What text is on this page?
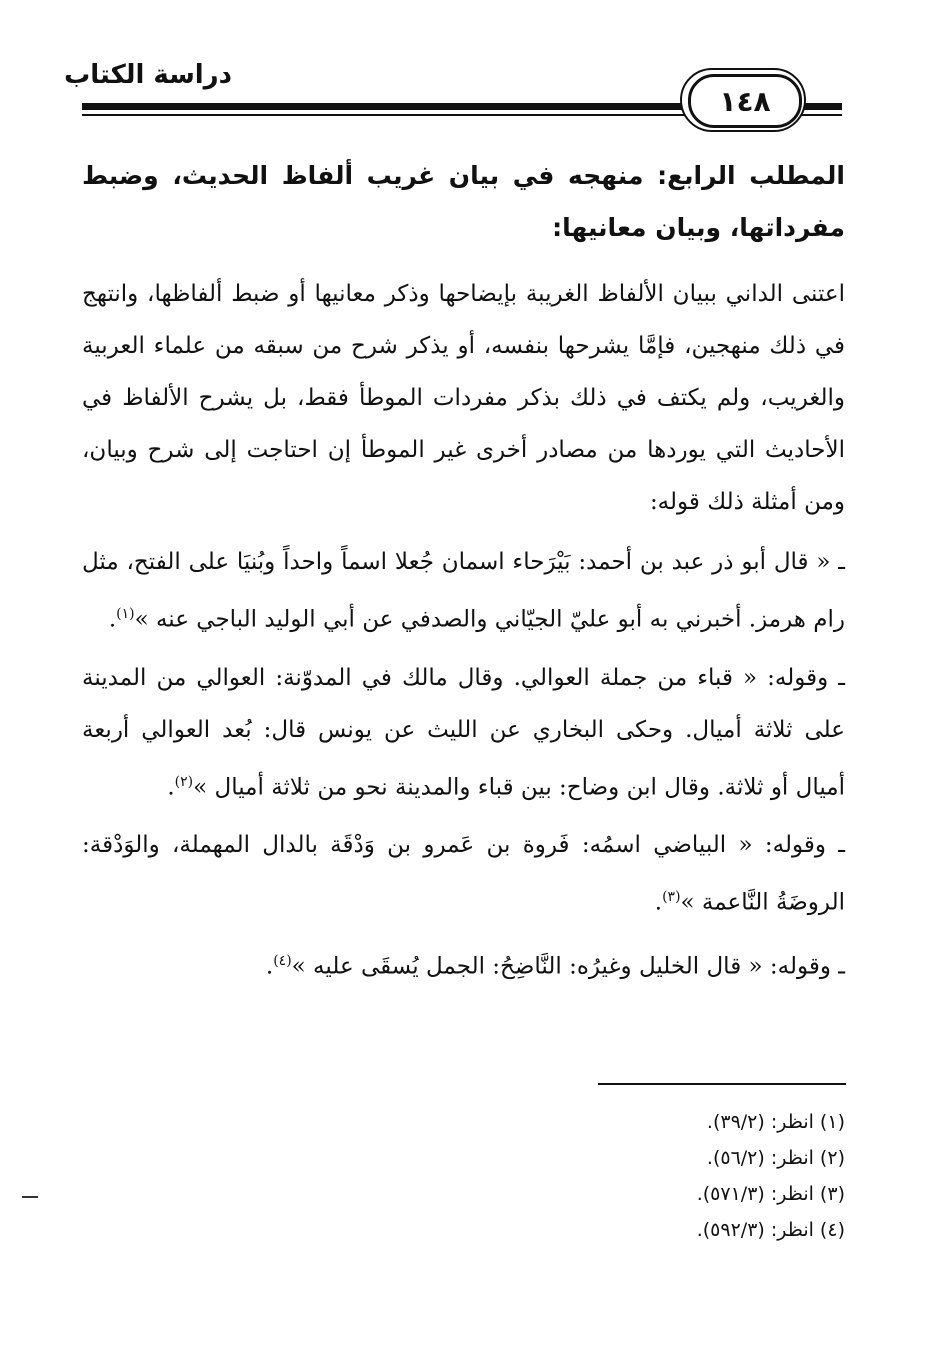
دراسة الكتاب
١٤٨

المطلب الرابع: منهجه في بيان غريب ألفاظ الحديث، وضبط مفرداتها، وبيان معانيها:

اعتنى الداني ببيان الألفاظ الغريبة بإيضاحها وذكر معانيها أو ضبط ألفاظها، وانتهج في ذلك منهجين، فإمَّا يشرحها بنفسه، أو يذكر شرح من سبقه من علماء العربية والغريب، ولم يكتف في ذلك بذكر مفردات الموطأ فقط، بل يشرح الألفاظ في الأحاديث التي يوردها من مصادر أخرى غير الموطأ إن احتاجت إلى شرح وبيان، ومن أمثلة ذلك قوله:

ـ « قال أبو ذر عبد بن أحمد: بَيْرَحاء اسمان جُعلا اسماً واحداً وبُنيَا على الفتح، مثل رام هرمز. أخبرني به أبو عليّ الجيّاني والصدفي عن أبي الوليد الباجي عنه »$^{(١)}$.

ـ وقوله: « قباء من جملة العوالي. وقال مالك في المدوّنة: العوالي من المدينة على ثلاثة أميال. وحكى البخاري عن الليث عن يونس قال: بُعد العوالي أربعة أميال أو ثلاثة. وقال ابن وضاح: بين قباء والمدينة نحو من ثلاثة أميال »$^{(٢)}$.

ـ وقوله: « البياضي اسمُه: فَروة بن عَمرو بن وَدْقَة بالدال المهملة، والوَدْقة: الروضَةُ النَّاعمة »$^{(٣)}$.

ـ وقوله: « قال الخليل وغيرُه: النَّاضِحُ: الجمل يُسقَى عليه »$^{(٤)}$.

(١) انظر: (٣٩/٢).
(٢) انظر: (٥٦/٢).
(٣) انظر: (٥٧١/٣).
(٤) انظر: (٥٩٢/٣).
